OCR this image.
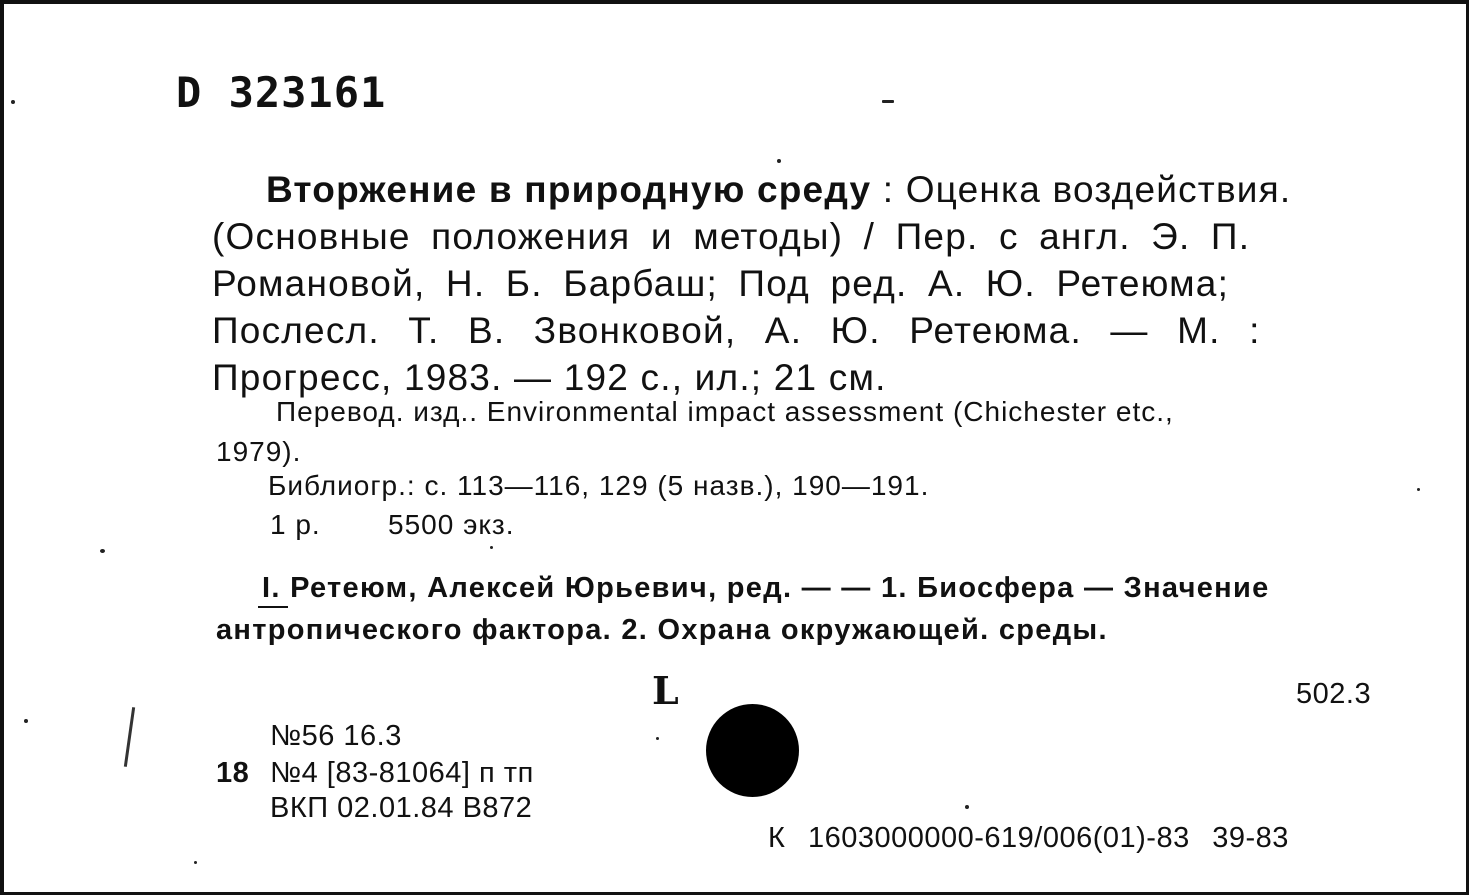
D 323161
Вторжение в природную среду : Оценка воздействия.
(Основные положения и методы) / Пер. с англ. Э. П.
Романовой, Н. Б. Барбаш; Под ред. А. Ю. Ретеюма;
Послесл. Т. В. Звонковой, А. Ю. Ретеюма. — М. :
Прогресс, 1983. — 192 с., ил.; 21 см.
Перевод. изд.. Environmental impact assessment (Chichester etc.,
1979).
Библиогр.: с. 113—116, 129 (5 назв.), 190—191.
1 р. 5500 экз.
I. Ретеюм, Алексей Юрьевич, ред. — — 1. Биосфера — Значение
антропического фактора. 2. Охрана окружающей. среды.
L	502.3
№56 16.3
18 №4 [83-81064] п тп
ВКП 02.01.84 В872
К 1603000000-619/006(01)-83 39-83
